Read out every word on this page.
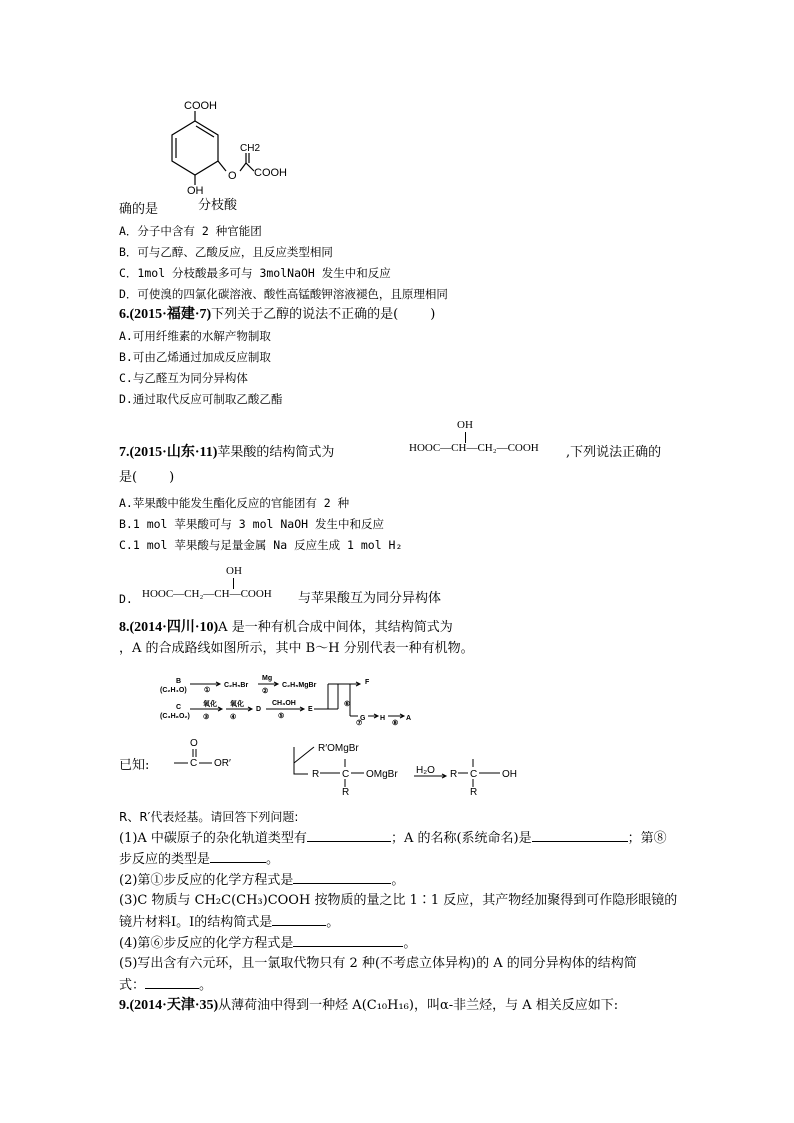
COOH
CH2
O COOH
OH
分枝酸
确的是
A．分子中含有 2 种官能团
B．可与乙醇、乙酸反应，且反应类型相同
C．1mol 分枝酸最多可与 3molNaOH 发生中和反应
D．可使溴的四氯化碳溶液、酸性高锰酸钾溶液褪色，且原理相同
6.(2015·福建·7)下列关于乙醇的说法不正确的是( )
A.可用纤维素的水解产物制取
B.可由乙烯通过加成反应制取
C.与乙醛互为同分异构体
D.通过取代反应可制取乙酸乙酯
7.(2015·山东·11)苹果酸的结构简式为
OH
HOOC—CH—CH₂—COOH ,下列说法正确的
是( )
A.苹果酸中能发生酯化反应的官能团有 2 种
B.1 mol 苹果酸可与 3 mol NaOH 发生中和反应
C.1 mol 苹果酸与足量金属 Na 反应生成 1 mol H₂
D.
OH
HOOC—CH₂—CH—COOH 与苹果酸互为同分异构体
8.(2014·四川·10)A 是一种有机合成中间体，其结构简式为
，A 的合成路线如图所示，其中 B～H 分别代表一种有机物。
B
(C₂H₄O) ①
C₂H₅Br
Mg
②
C₂H₅MgBr	F
C
(C₃H₈O₂)
氧化
③
氧化
④
D
CH₃OH
⑤
E
⑥
G
⑦
H
⑧
A
已知:
O
C OR′
R′OMgBr
R C OMgBr H₂O R C OH
R	R
R、R′代表烃基。请回答下列问题:
(1)A 中碳原子的杂化轨道类型有	；A 的名称(系统命名)是	；第⑧
步反应的类型是	。
(2)第①步反应的化学方程式是	。
(3)C 物质与 CH₂C(CH₃)COOH 按物质的量之比 1∶1 反应，其产物经加聚得到可作隐形眼镜的
镜片材料Ⅰ。Ⅰ的结构简式是	。
(4)第⑥步反应的化学方程式是	。
(5)写出含有六元环，且一氯取代物只有 2 种(不考虑立体异构)的 A 的同分异构体的结构简
式：	。
9.(2014·天津·35)从薄荷油中得到一种烃 A(C₁₀H₁₆)，叫α-非兰烃，与 A 相关反应如下:
